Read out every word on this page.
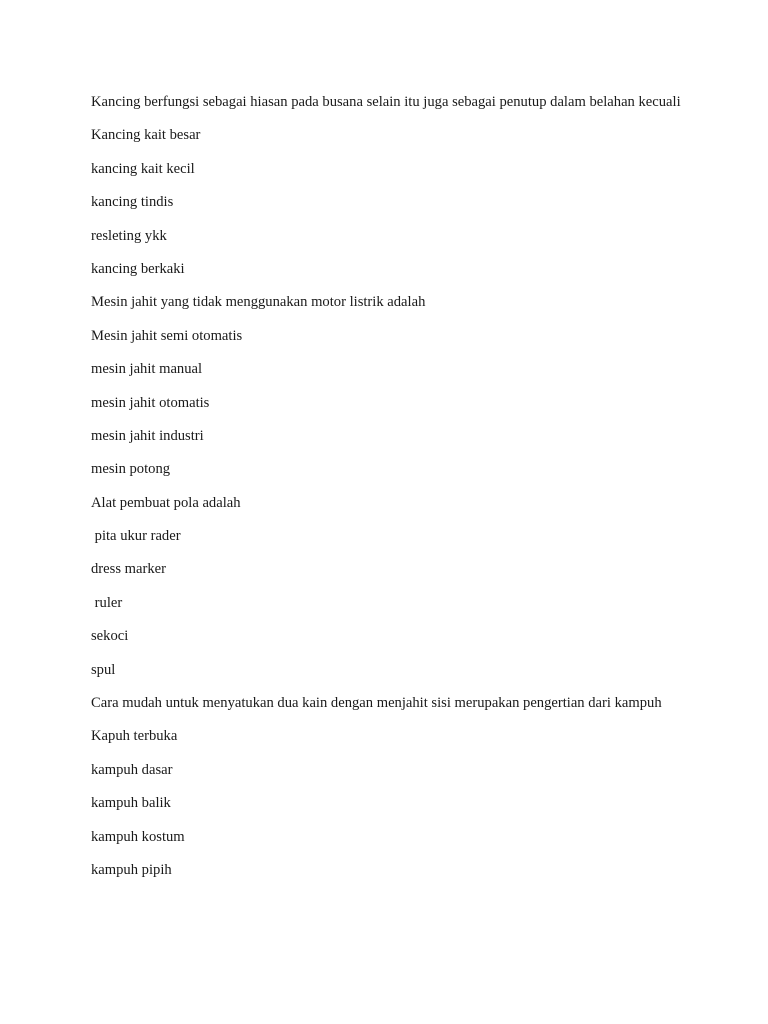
Kancing berfungsi sebagai hiasan pada busana selain itu juga sebagai penutup dalam belahan kecuali

Kancing kait besar

kancing kait kecil

kancing tindis

resleting ykk

kancing berkaki

Mesin jahit yang tidak menggunakan motor listrik adalah

Mesin jahit semi otomatis

mesin jahit manual

mesin jahit otomatis

mesin jahit industri

mesin potong

Alat pembuat pola adalah

pita ukur rader

dress marker

ruler

sekoci

spul

Cara mudah untuk menyatukan dua kain dengan menjahit sisi merupakan pengertian dari kampuh

Kapuh terbuka

kampuh dasar

kampuh balik

kampuh kostum

kampuh pipih
